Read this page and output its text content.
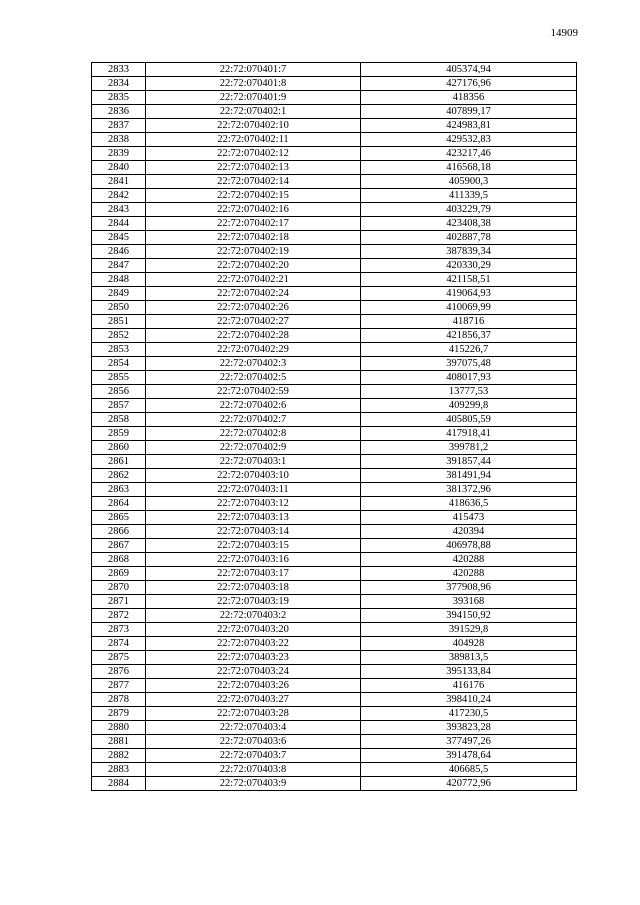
14909
2833	22:72:070401:7	405374,94
2834	22:72:070401:8	427176,96
2835	22:72:070401:9	418356
2836	22:72:070402:1	407899,17
2837	22:72:070402:10	424983,81
2838	22:72:070402:11	429532,83
2839	22:72:070402:12	423217,46
2840	22:72:070402:13	416568,18
2841	22:72:070402:14	405900,3
2842	22:72:070402:15	411339,5
2843	22:72:070402:16	403229,79
2844	22:72:070402:17	423408,38
2845	22:72:070402:18	402887,78
2846	22:72:070402:19	387839,34
2847	22:72:070402:20	420330,29
2848	22:72:070402:21	421158,51
2849	22:72:070402:24	419064,93
2850	22:72:070402:26	410069,99
2851	22:72:070402:27	418716
2852	22:72:070402:28	421856,37
2853	22:72:070402:29	415226,7
2854	22:72:070402:3	397075,48
2855	22:72:070402:5	408017,93
2856	22:72:070402:59	13777,53
2857	22:72:070402:6	409299,8
2858	22:72:070402:7	405805,59
2859	22:72:070402:8	417918,41
2860	22:72:070402:9	399781,2
2861	22:72:070403:1	391857,44
2862	22:72:070403:10	381491,94
2863	22:72:070403:11	381372,96
2864	22:72:070403:12	418636,5
2865	22:72:070403:13	415473
2866	22:72:070403:14	420394
2867	22:72:070403:15	406978,88
2868	22:72:070403:16	420288
2869	22:72:070403:17	420288
2870	22:72:070403:18	377908,96
2871	22:72:070403:19	393168
2872	22:72:070403:2	394150,92
2873	22:72:070403:20	391529,8
2874	22:72:070403:22	404928
2875	22:72:070403:23	389813,5
2876	22:72:070403:24	395133,84
2877	22:72:070403:26	416176
2878	22:72:070403:27	398410,24
2879	22:72:070403:28	417230,5
2880	22:72:070403:4	393823,28
2881	22:72:070403:6	377497,26
2882	22:72:070403:7	391478,64
2883	22:72:070403:8	406685,5
2884	22:72:070403:9	420772,96
